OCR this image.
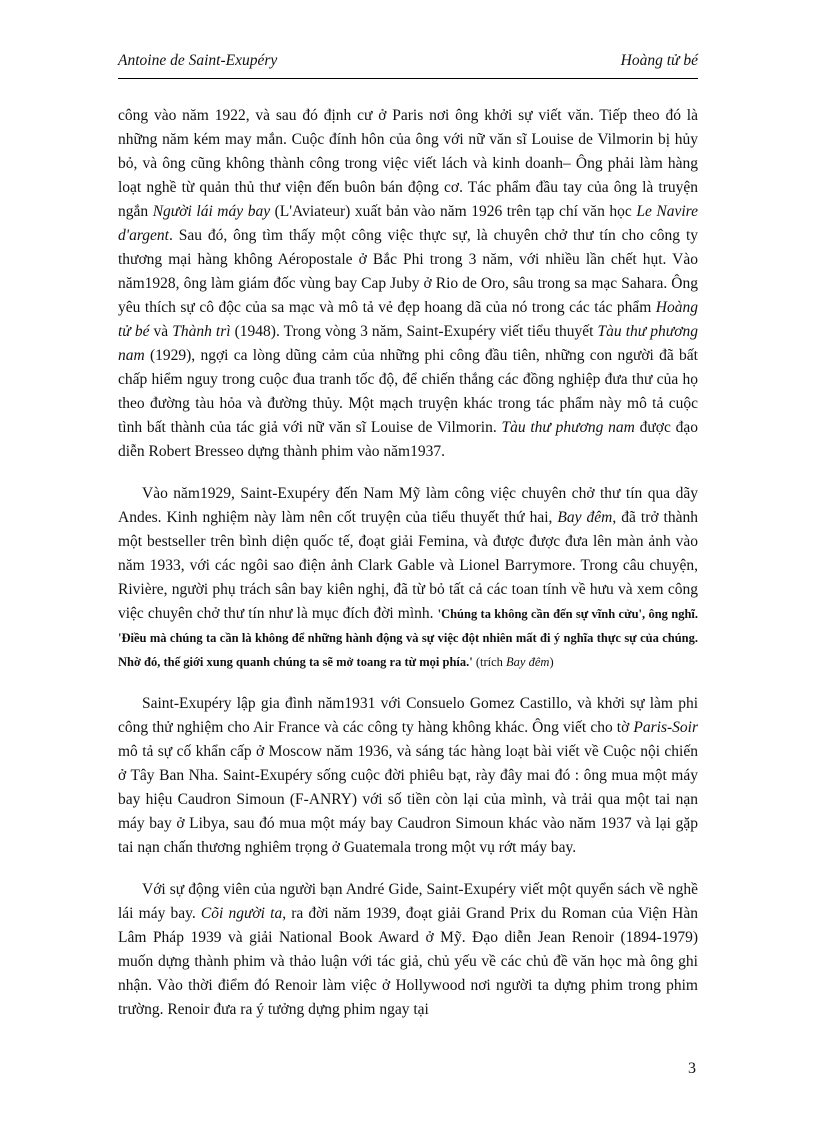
Antoine de Saint-Exupéry	Hoàng tử bé

công vào năm 1922, và sau đó định cư ở Paris nơi ông khởi sự viết văn. Tiếp theo đó là những năm kém may mắn. Cuộc đính hôn của ông với nữ văn sĩ Louise de Vilmorin bị hủy bỏ, và ông cũng không thành công trong việc viết lách và kinh doanh– Ông phải làm hàng loạt nghề từ quản thủ thư viện đến buôn bán động cơ. Tác phẩm đầu tay của ông là truyện ngắn Người lái máy bay (L'Aviateur) xuất bản vào năm 1926 trên tạp chí văn học Le Navire d'argent. Sau đó, ông tìm thấy một công việc thực sự, là chuyên chở thư tín cho công ty thương mại hàng không Aéropostale ở Bắc Phi trong 3 năm, với nhiều lần chết hụt. Vào năm1928, ông làm giám đốc vùng bay Cap Juby ở Rio de Oro, sâu trong sa mạc Sahara. Ông yêu thích sự cô độc của sa mạc và mô tả vẻ đẹp hoang dã của nó trong các tác phẩm Hoàng tử bé và Thành trì (1948). Trong vòng 3 năm, Saint-Exupéry viết tiểu thuyết Tàu thư phương nam (1929), ngợi ca lòng dũng cảm của những phi công đầu tiên, những con người đã bất chấp hiểm nguy trong cuộc đua tranh tốc độ, để chiến thắng các đồng nghiệp đưa thư của họ theo đường tàu hỏa và đường thủy. Một mạch truyện khác trong tác phẩm này mô tả cuộc tình bất thành của tác giả với nữ văn sĩ Louise de Vilmorin. Tàu thư phương nam được đạo diễn Robert Bresseo dựng thành phim vào năm1937.

Vào năm1929, Saint-Exupéry đến Nam Mỹ làm công việc chuyên chở thư tín qua dãy Andes. Kinh nghiệm này làm nên cốt truyện của tiểu thuyết thứ hai, Bay đêm, đã trở thành một bestseller trên bình diện quốc tế, đoạt giải Femina, và được được đưa lên màn ảnh vào năm 1933, với các ngôi sao điện ảnh Clark Gable và Lionel Barrymore. Trong câu chuyện, Rivière, người phụ trách sân bay kiên nghị, đã từ bỏ tất cả các toan tính về hưu và xem công việc chuyên chở thư tín như là mục đích đời mình. 'Chúng ta không cần đến sự vĩnh cửu', ông nghĩ. 'Điều mà chúng ta cần là không để những hành động và sự việc đột nhiên mất đi ý nghĩa thực sự của chúng. Nhờ đó, thế giới xung quanh chúng ta sẽ mở toang ra từ mọi phía.' (trích Bay đêm)

Saint-Exupéry lập gia đình năm1931 với Consuelo Gomez Castillo, và khởi sự làm phi công thử nghiệm cho Air France và các công ty hàng không khác. Ông viết cho tờ Paris-Soir mô tả sự cố khẩn cấp ở Moscow năm 1936, và sáng tác hàng loạt bài viết về Cuộc nội chiến ở Tây Ban Nha. Saint-Exupéry sống cuộc đời phiêu bạt, rày đây mai đó : ông mua một máy bay hiệu Caudron Simoun (F-ANRY) với số tiền còn lại của mình, và trải qua một tai nạn máy bay ở Libya, sau đó mua một máy bay Caudron Simoun khác vào năm 1937 và lại gặp tai nạn chấn thương nghiêm trọng ở Guatemala trong một vụ rớt máy bay.

Với sự động viên của người bạn André Gide, Saint-Exupéry viết một quyển sách về nghề lái máy bay. Cõi người ta, ra đời năm 1939, đoạt giải Grand Prix du Roman của Viện Hàn Lâm Pháp 1939 và giải National Book Award ở Mỹ. Đạo diễn Jean Renoir (1894-1979) muốn dựng thành phim và thảo luận với tác giả, chủ yếu về các chủ đề văn học mà ông ghi nhận. Vào thời điểm đó Renoir làm việc ở Hollywood nơi người ta dựng phim trong phim trường. Renoir đưa ra ý tưởng dựng phim ngay tại

3
